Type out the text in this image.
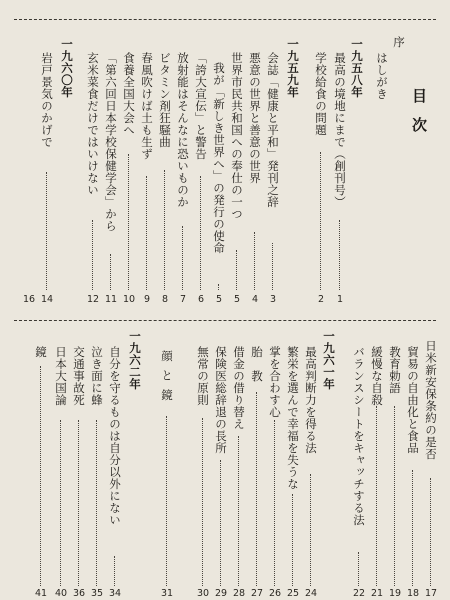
目次
序
はしがき
一九五八年
最高の境地にまで（創刊号）
1
学校給食の問題
2
一九五九年
会誌「健康と平和」発刊之辞
3
悪意の世界と善意の世界
4
世界市民共和国への奉仕の一つ
5
我が「新しき世界へ」の発行の使命
5
「誇大宣伝」と警告
6
放射能はそんなに恐いものか
7
ビタミン剤狂騒曲
8
春風吹けば土も生ず
9
食養全国大会へ
10
「第六回日本学校保健学会」から
11
玄米菜食だけではいけない
12
一九六〇年
岩戸景気のかげで
14
16
日米新安保条約の是否
17
貿易の自由化と食品
18
教育勅語
19
緩慢な自殺
21
バランスシートをキャッチする法
22
一九六一年
最高判断力を得る法
24
繁栄を選んで幸福を失うな
25
掌を合わす心
26
胎　教
27
借金の借り替え
28
保険医総辞退の長所
29
無常の原則
30
顔と鏡
31
一九六二年
自分を守るものは自分以外にない
34
泣き面に蜂
35
交通事故死
36
日本大国論
40
鏡
41
